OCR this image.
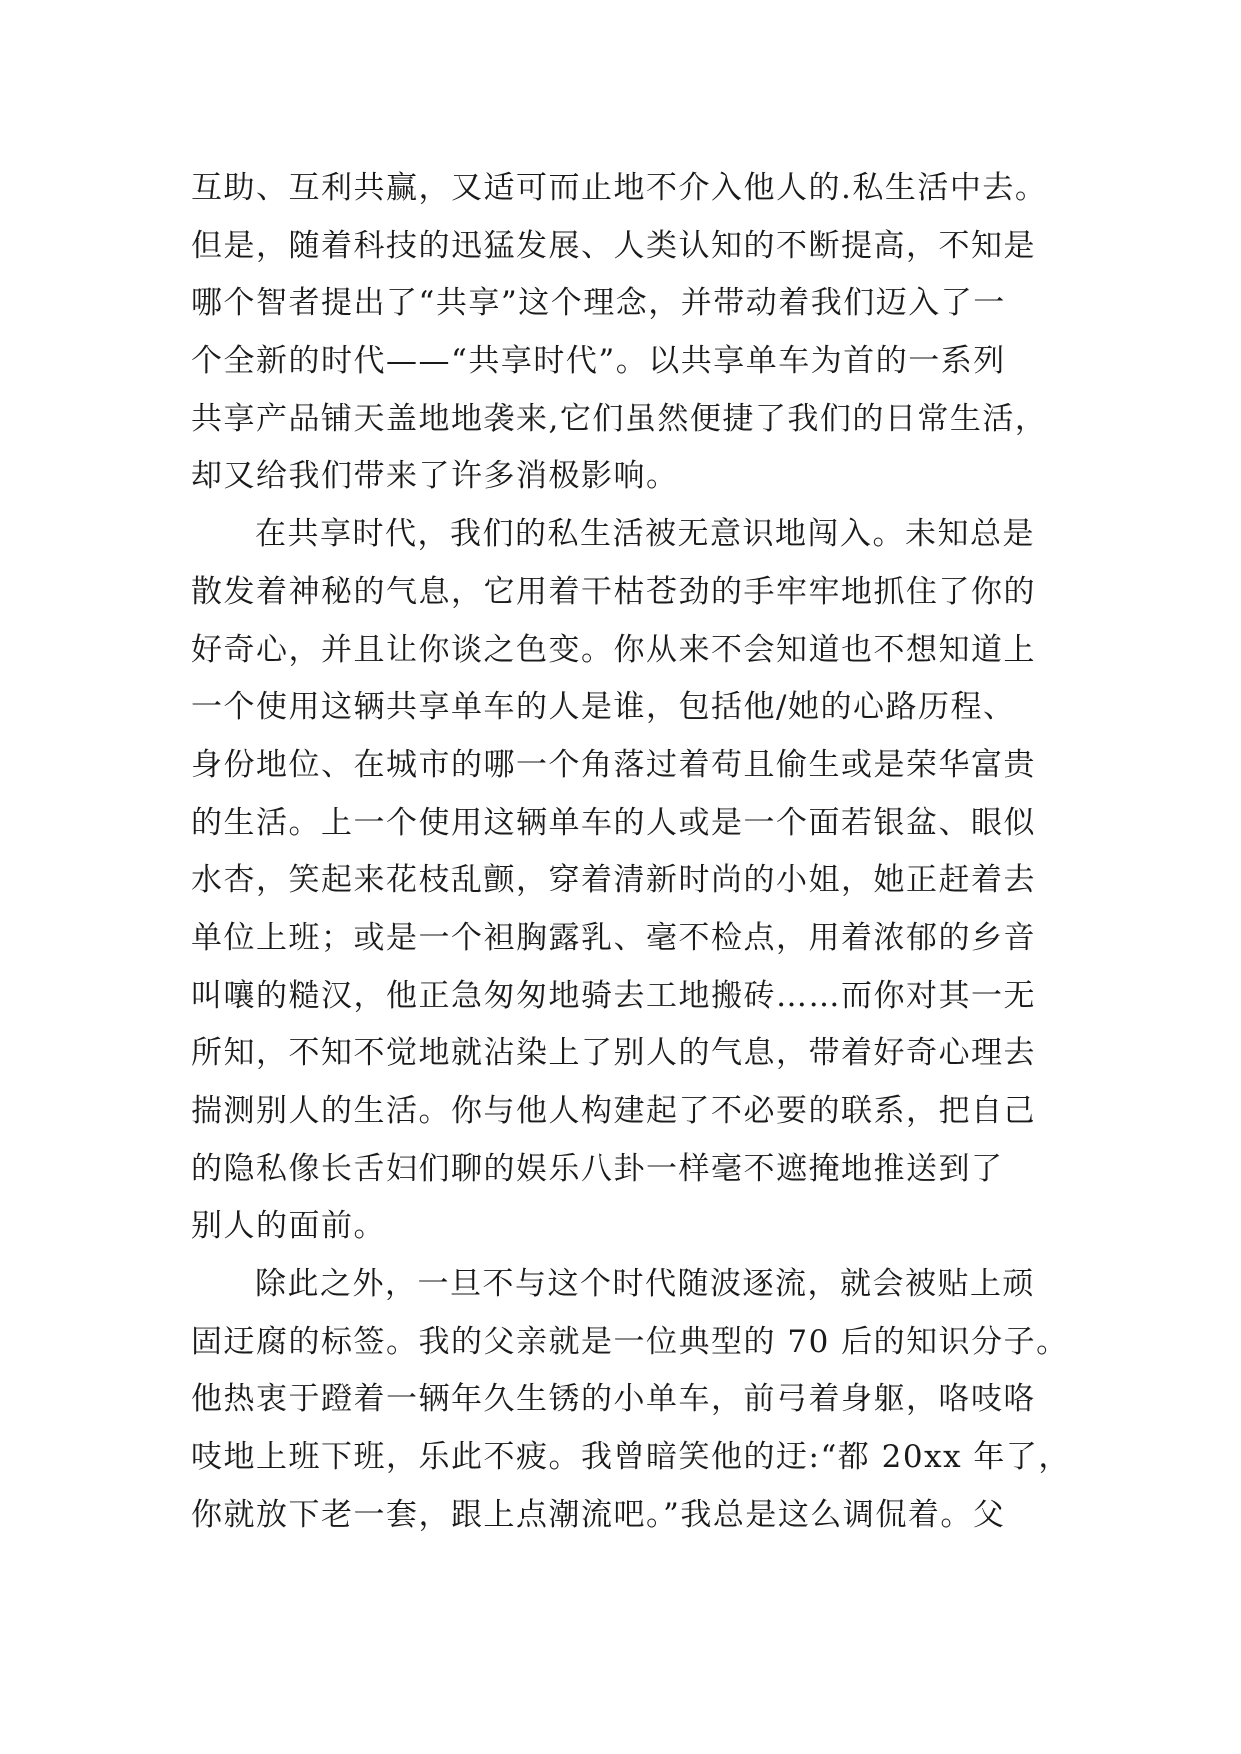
互助、互利共赢，又适可而止地不介入他人的.私生活中去。
但是，随着科技的迅猛发展、人类认知的不断提高，不知是
哪个智者提出了“共享”这个理念，并带动着我们迈入了一
个全新的时代——“共享时代”。以共享单车为首的一系列
共享产品铺天盖地地袭来,它们虽然便捷了我们的日常生活，
却又给我们带来了许多消极影响。
在共享时代，我们的私生活被无意识地闯入。未知总是
散发着神秘的气息，它用着干枯苍劲的手牢牢地抓住了你的
好奇心，并且让你谈之色变。你从来不会知道也不想知道上
一个使用这辆共享单车的人是谁，包括他/她的心路历程、
身份地位、在城市的哪一个角落过着苟且偷生或是荣华富贵
的生活。上一个使用这辆单车的人或是一个面若银盆、眼似
水杏，笑起来花枝乱颤，穿着清新时尚的小姐，她正赶着去
单位上班；或是一个袒胸露乳、毫不检点，用着浓郁的乡音
叫嚷的糙汉，他正急匆匆地骑去工地搬砖……而你对其一无
所知，不知不觉地就沾染上了别人的气息，带着好奇心理去
揣测别人的生活。你与他人构建起了不必要的联系，把自己
的隐私像长舌妇们聊的娱乐八卦一样毫不遮掩地推送到了
别人的面前。
除此之外，一旦不与这个时代随波逐流，就会被贴上顽
固迂腐的标签。我的父亲就是一位典型的 70 后的知识分子。
他热衷于蹬着一辆年久生锈的小单车，前弓着身躯，咯吱咯
吱地上班下班，乐此不疲。我曾暗笑他的迂:“都 20xx 年了，
你就放下老一套，跟上点潮流吧。”我总是这么调侃着。父
